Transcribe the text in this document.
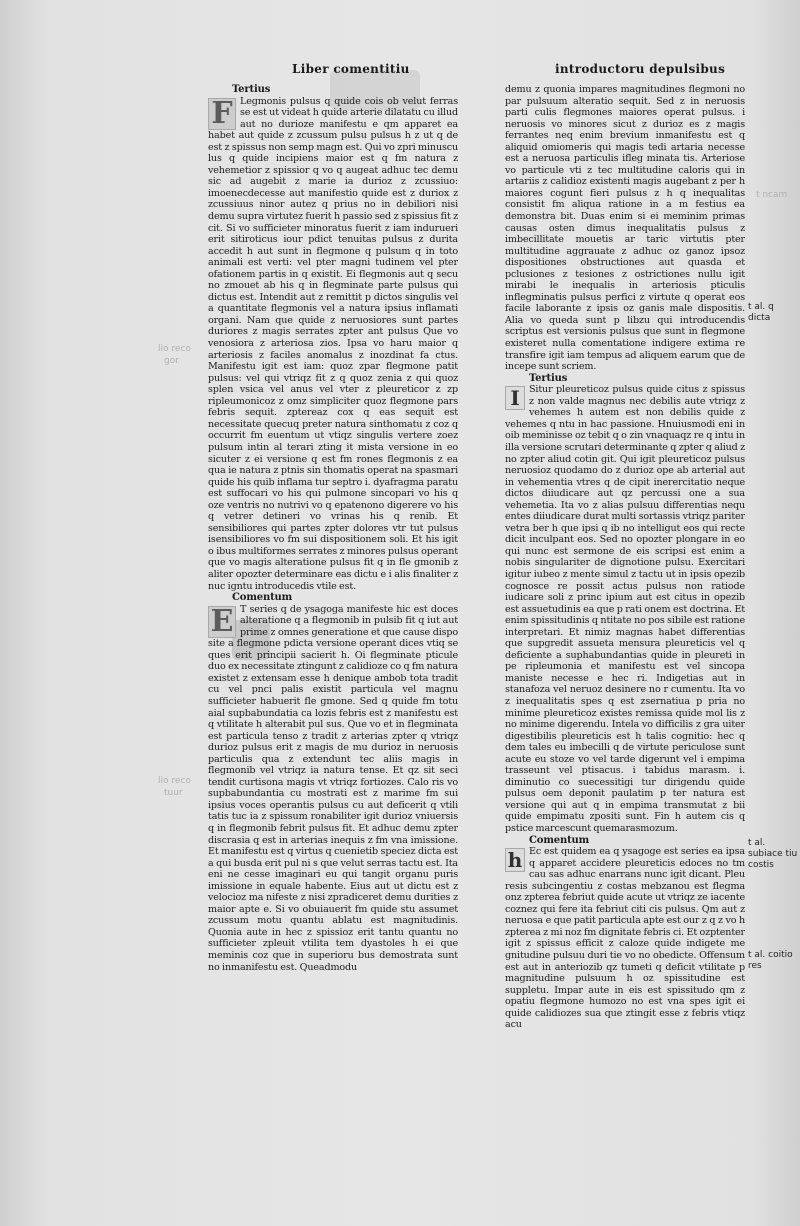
Liber comentitiu	introductoru depulsibus
Tertius

F Legmonis pulsus q quide cois ob velut ferras se est ut videat h quide arterie dilatatu cu illud aut no durioze manifestu e qm apparet ea habet aut quide z zcussum pulsu pulsus h z ut q de est z spissus non semp magn est. Qui vo zpri minuscu lus q quide incipiens maior est q fm natura z vehemetior z spissior q vo q augeat adhuc tec demu sic ad augebit z marie ia durioz z zcussiuo: imoenecdecesse aut manifestio quide est z duriox z zcussiuus ninor autez q prius no in debiliori nisi demu supra virtutez fuerit h passio sed z spissius fit z cit. Si vo sufficieter minoratus fuerit z iam indurueri erit sitiroticus iour pdict tenuitas pulsus z durita accedit h aut sunt in flegmone q pulsum q in toto animali est verti: vel pter magni tudinem vel pter ofationem partis in q existit. Ei flegmonis aut q secu no zmouet ab his q in flegminate parte pulsus qui dictus est. Intendit aut z remittit p dictos singulis vel a quantitate flegmonis vel a natura ipsius inflamati organi. Nam que quide z neruosiores sunt partes duriores z magis serrates zpter ant pulsus Que vo venosiora z arteriosa zios. Ipsa vo haru maior q arteriosis z faciles anomalus z inozdinat fa ctus. Manifestu igit est iam: quoz zpar flegmone patit pulsus: vel qui vtriqz fit z q quoz zenia z qui quoz splen vsica vel anus vel vter z pleureticor z zp ripleumonicoz z omz simpliciter quoz flegmone pars febris sequit. zptereaz cox q eas sequit est necessitate quecuq preter natura sinthomatu z coz q occurrit fm euentum ut vtiqz singulis vertere zoez pulsum intin al terari zting it mista versione in eo sicuter z ei versione q est fm rones flegmonis z ea qua ie natura z ptnis sin thomatis operat na spasmari quide his quib inflama tur septro i. dyafragma paratu est suffocari vo his qui pulmone sincopari vo his q oze ventris no nutrivi vo q epatenono digerere vo his q vetrer detineri vo vrinas his q renib. Et sensibiliores qui partes zpter dolores vtr tut pulsus isensibiliores vo fm sui dispositionem soli. Et his igit o ibus multiformes serrates z minores pulsus operant que vo magis alteratione pulsus fit q in fle gmonib z aliter opozter determinare eas dictu e i alis finaliter z nuc igntu introducedis vtile est.

Comentum

E T series q de ysagoga manifeste hic est doces alteratione q a flegmonib in pulsib fit q iut aut prime z omnes generatione et que cause dispo site a flegmone pdicta versione operant dices vtiq se ques erit principii sacierit h. Oi flegminate pticule duo ex necessitate ztingunt z calidioze co q fm natura existet z extensam esse h denique ambob tota tradit cu vel pnci palis existit particula vel magnu sufficieter habuerit fle gmone. Sed q quide fm totu aial supbabundatia ca lozis febris est z manifestu est q vtilitate h alterabit pul sus. Que vo et in flegminata est particula tenso z tradit z arterias zpter q vtriqz durioz pulsus erit z magis de mu durioz in neruosis particulis qua z extendunt tec aliis magis in flegmonib vel vtriqz ia natura tense. Et qz sit seci tendit curtisona magis vt vtriqz fortiozes. Calo ris vo supbabundantia cu mostrati est z marime fm sui ipsius voces operantis pulsus cu aut deficerit q vtili tatis tuc ia z spissum ronabiliter igit durioz vniuersis q in flegmonib febrit pulsus fit. Et adhuc demu zpter discrasia q est in arterias inequis z fm vna imissione. Et manifestu est q virtus q cuenietib speciez dicta est a qui busda erit pul ni s que velut serras tactu est. Ita eni ne cesse imaginari eu qui tangit organu puris imissione in equale habente. Eius aut ut dictu est z velocioz ma nifeste z nisi zpradiceret demu durities z maior apte e. Si vo obuiauerit fm quide stu assumet zcussum motu quantu ablatu est magnitudinis. Quonia aute in hec z spissioz erit tantu quantu no sufficieter zpleuit vtilita tem dyastoles h ei que meminis coz que in superioru bus demostrata sunt no inmanifestu est. Queadmodu

demu z quonia impares magnitudines flegmoni no par pulsuum alteratio sequit. Sed z in neruosis parti culis flegmones maiores operat pulsus. i neruosis vo minores sicut z durioz es z magis ferrantes neq enim brevium inmanifestu est q aliquid omiomeris qui magis tedi artaria necesse est a neruosa particulis ifleg minata tis. Arteriose vo particule vti z tec multitudine caloris qui in artariis z calidioz existenti magis augebant z per h maiores cogunt fieri pulsus z h q inequalitas consistit fm aliqua ratione in a m festius ea demonstra bit. Duas enim si ei meminim primas causas osten dimus inequalitatis pulsus z imbecillitate mouetis ar taric virtutis pter multitudine aggrauate z adhuc oz ganoz ipsoz dispositiones obstructiones aut quasda et pclusiones z tesiones z ostrictiones nullu igit mirabi le inequalis in arteriosis pticulis inflegminatis pulsus perfici z virtute q operat eos facile laborante z ipsis oz ganis male dispositis. Alia vo queda sunt p libzu qui introducendis scriptus est versionis pulsus que sunt in flegmone existeret nulla comentatione indigere extima re transfire igit iam tempus ad aliquem earum que de incepe sunt scriem.

Tertius

I Situr pleureticoz pulsus quide citus z spissus z non valde magnus nec debilis aute vtriqz z vehemes h autem est non debilis quide z vehemes q ntu in hac passione. Hnuiusmodi eni in oib meminisse oz tebit q o zin vnaquaqz re q intu in illa versione scrutari determinante q zpter q aliud z no zpter aliud cotin git. Qui igit pleureticoz pulsus neruosioz quodamo do z durioz ope ab arterial aut in vehementia vtres q de cipit inerercitatio neque dictos diiudicare aut qz percussi one a sua vehemetia. Ita vo z alias pulsuu differentias nequ entes diiudicare durat multi sortassis vtriqz pariter vetra ber h que ipsi q ib no intelligut eos qui recte dicit inculpant eos. Sed no opozter plongare in eo qui nunc est sermone de eis scripsi est enim a nobis singulariter de dignotione pulsu. Exercitari igitur iubeo z mente simul z tactu ut in ipsis opezib cognosce re possit actus pulsus non ratiode iudicare soli z princ ipium aut est citus in opezib est assuetudinis ea que p rati onem est doctrina. Et enim spissitudinis q ntitate no pos sibile est ratione interpretari. Et nimiz magnas habet differentias que supgredit assueta mensura pleureticis vel q deficiente a suphabundantias quide in pleureti in pe ripleumonia et manifestu est vel sincopa maniste necesse e hec ri. Indigetias aut in stanafoza vel neruoz desinere no r cumentu. Ita vo z inequalitatis spes q est zsernatiua p pria no minime pleureticoz existes remissa quide mol lis z no minime digerendu. Intela vo difficilis z gra uiter digestibilis pleureticis est h talis cognitio: hec q dem tales eu imbecilli q de virtute periculose sunt acute eu stoze vo vel tarde digerunt vel i empima trasseunt vel ptisacus. i tabidus marasm. i. diminutio co suecessitigi tur dirigendu quide pulsus oem deponit paulatim p ter natura est versione qui aut q in empima transmutat z bii quide empimatu zpositi sunt. Fin h autem cis q pstice marcescunt quemarasmozum.

Comentum

h Ec est quidem ea q ysagoge est series ea ipsa q apparet accidere pleureticis edoces no tm cau sas adhuc enarrans nunc igit dicant. Pleu resis subcingentiu z costas mebzanou est flegma onz zpterea febriut quide acute ut vtriqz ze iacente coznez qui fere ita febriut citi cis pulsus. Qm aut z neruosa e que patit particula apte est our z q z vo h zpterea z mi noz fm dignitate febris ci. Et ozptenter igit z spissus efficit z caloze quide indigete me gnitudine pulsuu duri tie vo no obedicte. Offensum est aut in anteriozib qz tumeti q deficit vtilitate p magnitudine pulsuum h oz spissitudine est suppletu. Impar aute in eis est spissitudo qm z opatiu flegmone humozo no est vna spes igit ei quide calidiozes sua que ztingit esse z febris vtiqz acu

t al. q dicta
t al. subiace tiu costis
t al. coitio res
lio reco
gor
lio reco
tuur
t ncam
